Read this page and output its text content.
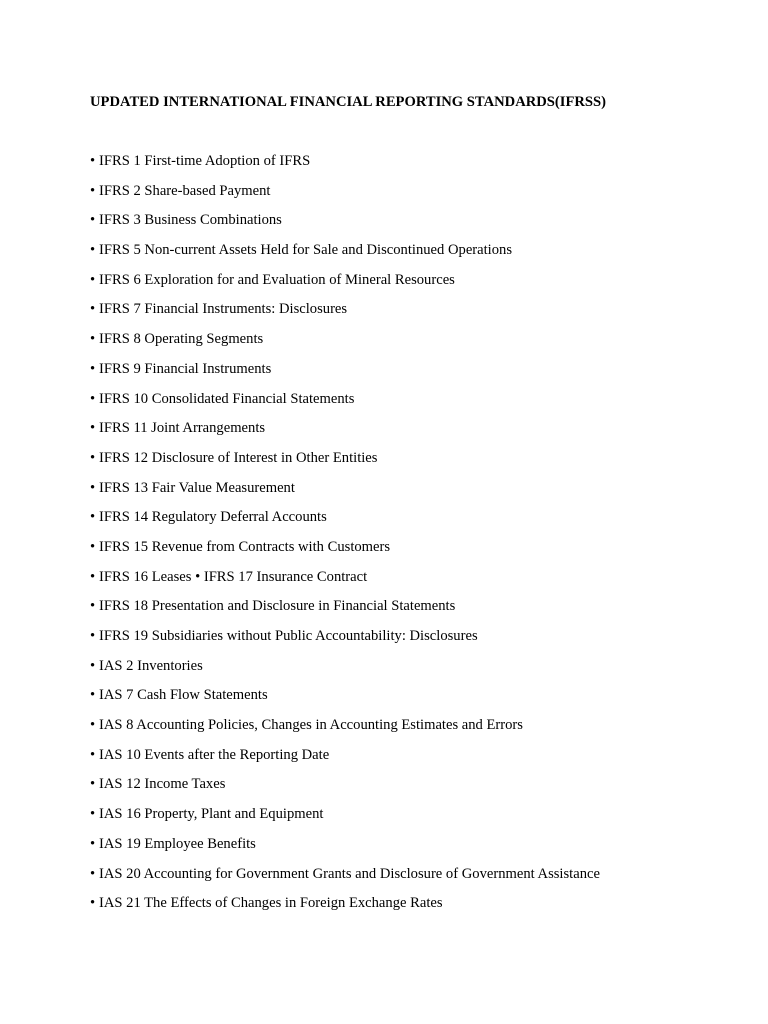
UPDATED INTERNATIONAL FINANCIAL REPORTING STANDARDS(IFRSS)
• IFRS 1 First-time Adoption of IFRS
• IFRS 2 Share-based Payment
• IFRS 3 Business Combinations
• IFRS 5 Non-current Assets Held for Sale and Discontinued Operations
• IFRS 6 Exploration for and Evaluation of Mineral Resources
• IFRS 7 Financial Instruments: Disclosures
• IFRS 8 Operating Segments
• IFRS 9 Financial Instruments
• IFRS 10 Consolidated Financial Statements
• IFRS 11 Joint Arrangements
• IFRS 12 Disclosure of Interest in Other Entities
• IFRS 13 Fair Value Measurement
• IFRS 14 Regulatory Deferral Accounts
• IFRS 15 Revenue from Contracts with Customers
• IFRS 16 Leases • IFRS 17 Insurance Contract
• IFRS 18 Presentation and Disclosure in Financial Statements
• IFRS 19 Subsidiaries without Public Accountability: Disclosures
• IAS 2 Inventories
• IAS 7 Cash Flow Statements
• IAS 8 Accounting Policies, Changes in Accounting Estimates and Errors
• IAS 10 Events after the Reporting Date
• IAS 12 Income Taxes
• IAS 16 Property, Plant and Equipment
• IAS 19 Employee Benefits
• IAS 20 Accounting for Government Grants and Disclosure of Government Assistance
• IAS 21 The Effects of Changes in Foreign Exchange Rates
